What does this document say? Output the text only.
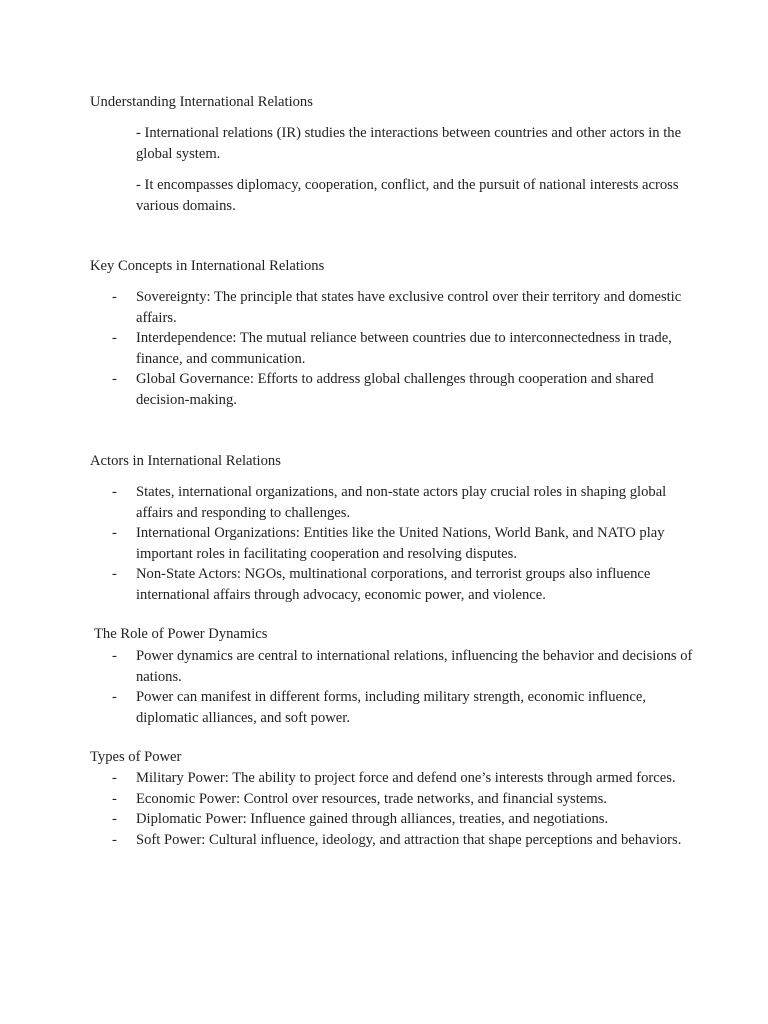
Understanding International Relations

- International relations (IR) studies the interactions between countries and other actors in the global system.

- It encompasses diplomacy, cooperation, conflict, and the pursuit of national interests across various domains.

Key Concepts in International Relations
-	Sovereignty: The principle that states have exclusive control over their territory and domestic affairs.
-	Interdependence: The mutual reliance between countries due to interconnectedness in trade, finance, and communication.
-	Global Governance: Efforts to address global challenges through cooperation and shared decision-making.
Actors in International Relations
-	States, international organizations, and non-state actors play crucial roles in shaping global affairs and responding to challenges.
-	International Organizations: Entities like the United Nations, World Bank, and NATO play important roles in facilitating cooperation and resolving disputes.
-	Non-State Actors: NGOs, multinational corporations, and terrorist groups also influence international affairs through advocacy, economic power, and violence.
The Role of Power Dynamics
-	Power dynamics are central to international relations, influencing the behavior and decisions of nations.
-	Power can manifest in different forms, including military strength, economic influence, diplomatic alliances, and soft power.
Types of Power
-	Military Power: The ability to project force and defend one’s interests through armed forces.
-	Economic Power: Control over resources, trade networks, and financial systems.
-	Diplomatic Power: Influence gained through alliances, treaties, and negotiations.
-	Soft Power: Cultural influence, ideology, and attraction that shape perceptions and behaviors.
